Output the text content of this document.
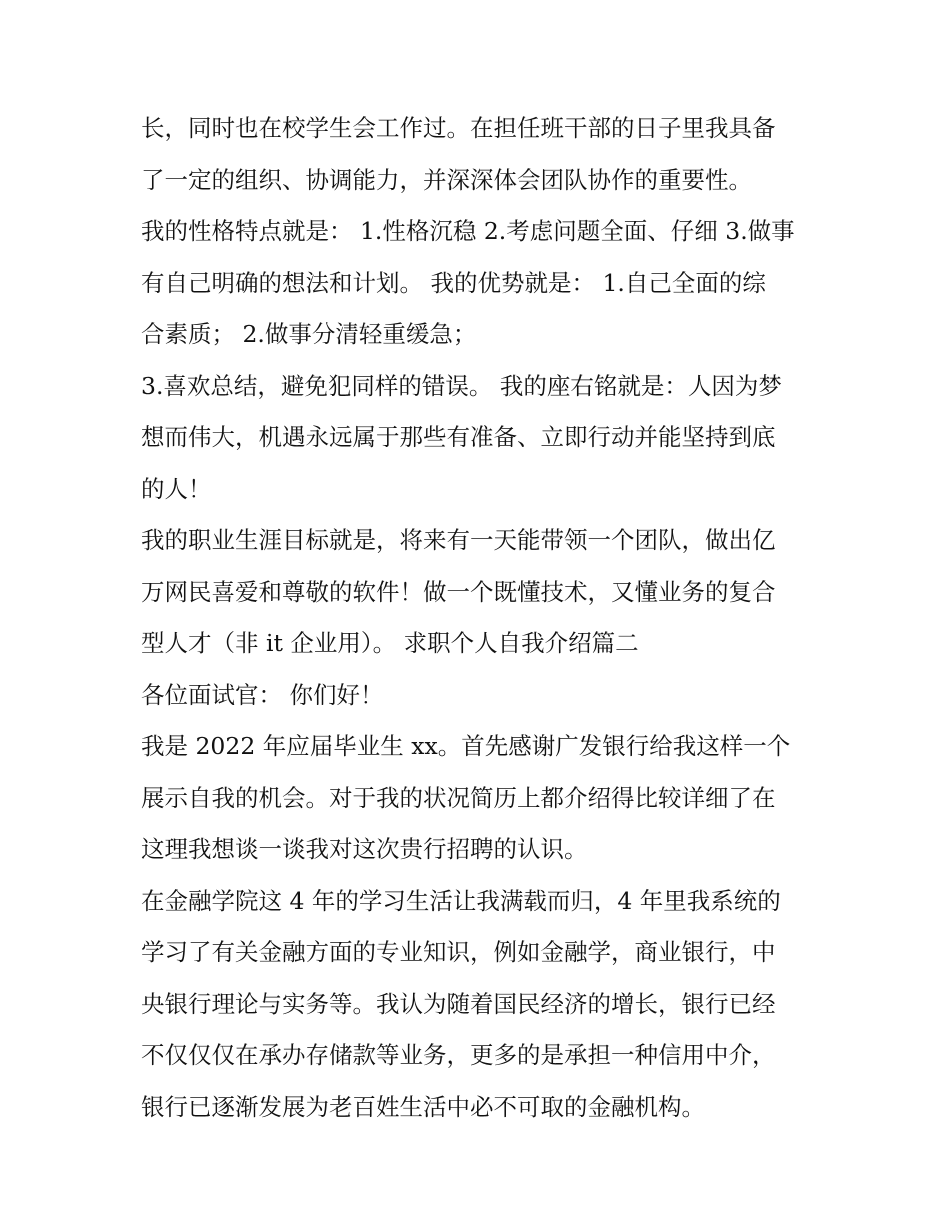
长，同时也在校学生会工作过。在担任班干部的日子里我具备
了一定的组织、协调能力，并深深体会团队协作的重要性。
我的性格特点就是： 1.性格沉稳 2.考虑问题全面、仔细 3.做事
有自己明确的想法和计划。 我的优势就是： 1.自己全面的综
合素质； 2.做事分清轻重缓急；
3.喜欢总结，避免犯同样的错误。 我的座右铭就是：人因为梦
想而伟大，机遇永远属于那些有准备、立即行动并能坚持到底
的人！
我的职业生涯目标就是，将来有一天能带领一个团队，做出亿
万网民喜爱和尊敬的软件！做一个既懂技术，又懂业务的复合
型人才（非 it 企业用）。 求职个人自我介绍篇二
各位面试官： 你们好！
我是 2022 年应届毕业生 xx。首先感谢广发银行给我这样一个
展示自我的机会。对于我的状况简历上都介绍得比较详细了在
这理我想谈一谈我对这次贵行招聘的认识。
在金融学院这 4 年的学习生活让我满载而归，4 年里我系统的
学习了有关金融方面的专业知识，例如金融学，商业银行，中
央银行理论与实务等。我认为随着国民经济的增长，银行已经
不仅仅仅在承办存储款等业务，更多的是承担一种信用中介，
银行已逐渐发展为老百姓生活中必不可取的金融机构。
